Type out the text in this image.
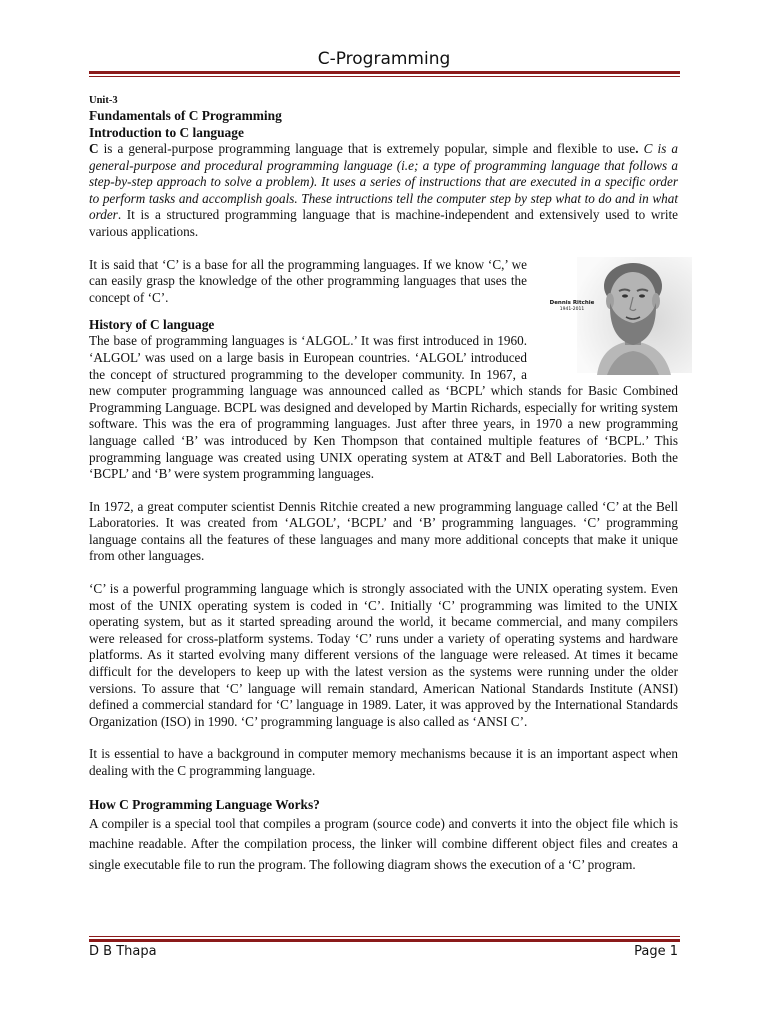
C-Programming
Unit-3
Fundamentals of C Programming
Introduction to C language

C is a general-purpose programming language that is extremely popular, simple and flexible to use. C is a general-purpose and procedural programming language (i.e; a type of programming language that follows a step-by-step approach to solve a problem). It uses a series of instructions that are executed in a specific order to perform tasks and accomplish goals. These intructions tell the computer step by step what to do and in what order. It is a structured programming language that is machine-independent and extensively used to write various applications.

Dennis Ritchie
1941-2011

It is said that ‘C’ is a base for all the programming languages. If we know ‘C,’ we can easily grasp the knowledge of the other programming languages that uses the concept of ‘C’.

History of C language

The base of programming languages is ‘ALGOL.’ It was first introduced in 1960. ‘ALGOL’ was used on a large basis in European countries. ‘ALGOL’ introduced the concept of structured programming to the developer community. In 1967, a new computer programming language was announced called as ‘BCPL’ which stands for Basic Combined Programming Language. BCPL was designed and developed by Martin Richards, especially for writing system software. This was the era of programming languages. Just after three years, in 1970 a new programming language called ‘B’ was introduced by Ken Thompson that contained multiple features of ‘BCPL.’ This programming language was created using UNIX operating system at AT&T and Bell Laboratories. Both the ‘BCPL’ and ‘B’ were system programming languages.

In 1972, a great computer scientist Dennis Ritchie created a new programming language called ‘C’ at the Bell Laboratories. It was created from ‘ALGOL’, ‘BCPL’ and ‘B’ programming languages. ‘C’ programming language contains all the features of these languages and many more additional concepts that make it unique from other languages.

‘C’ is a powerful programming language which is strongly associated with the UNIX operating system. Even most of the UNIX operating system is coded in ‘C’. Initially ‘C’ programming was limited to the UNIX operating system, but as it started spreading around the world, it became commercial, and many compilers were released for cross-platform systems. Today ‘C’ runs under a variety of operating systems and hardware platforms. As it started evolving many different versions of the language were released. At times it became difficult for the developers to keep up with the latest version as the systems were running under the older versions. To assure that ‘C’ language will remain standard, American National Standards Institute (ANSI) defined a commercial standard for ‘C’ language in 1989. Later, it was approved by the International Standards Organization (ISO) in 1990. ‘C’ programming language is also called as ‘ANSI C’.

It is essential to have a background in computer memory mechanisms because it is an important aspect when dealing with the C programming language.

How C Programming Language Works?

A compiler is a special tool that compiles a program (source code) and converts it into the object file which is machine readable. After the compilation process, the linker will combine different object files and creates a single executable file to run the program. The following diagram shows the execution of a ‘C’ program.

D B Thapa	Page 1
